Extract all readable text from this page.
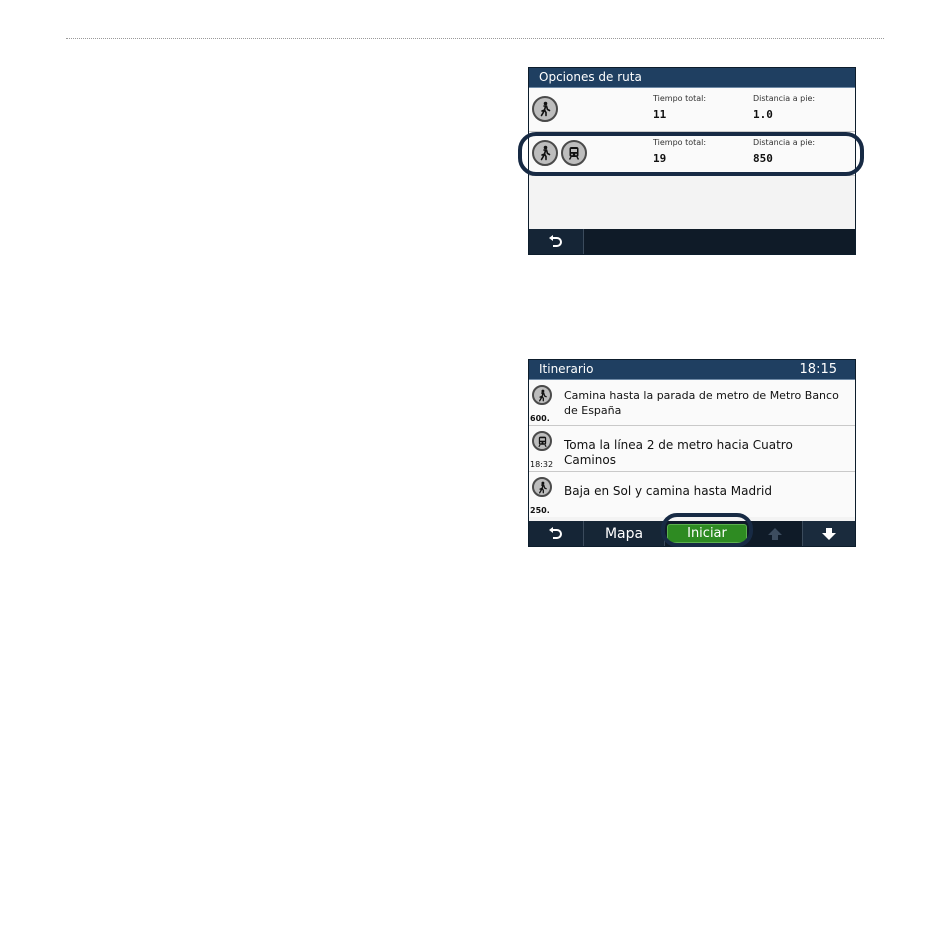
Opciones de ruta
Tiempo total:
11
Distancia a pie:
1.0
Tiempo total:
19
Distancia a pie:
850
Itinerario	18:15
600.
Camina hasta la parada de metro de Metro Banco de España
18:32
Toma la línea 2 de metro hacia Cuatro Caminos
250.
Baja en Sol y camina hasta Madrid
Mapa	Iniciar
